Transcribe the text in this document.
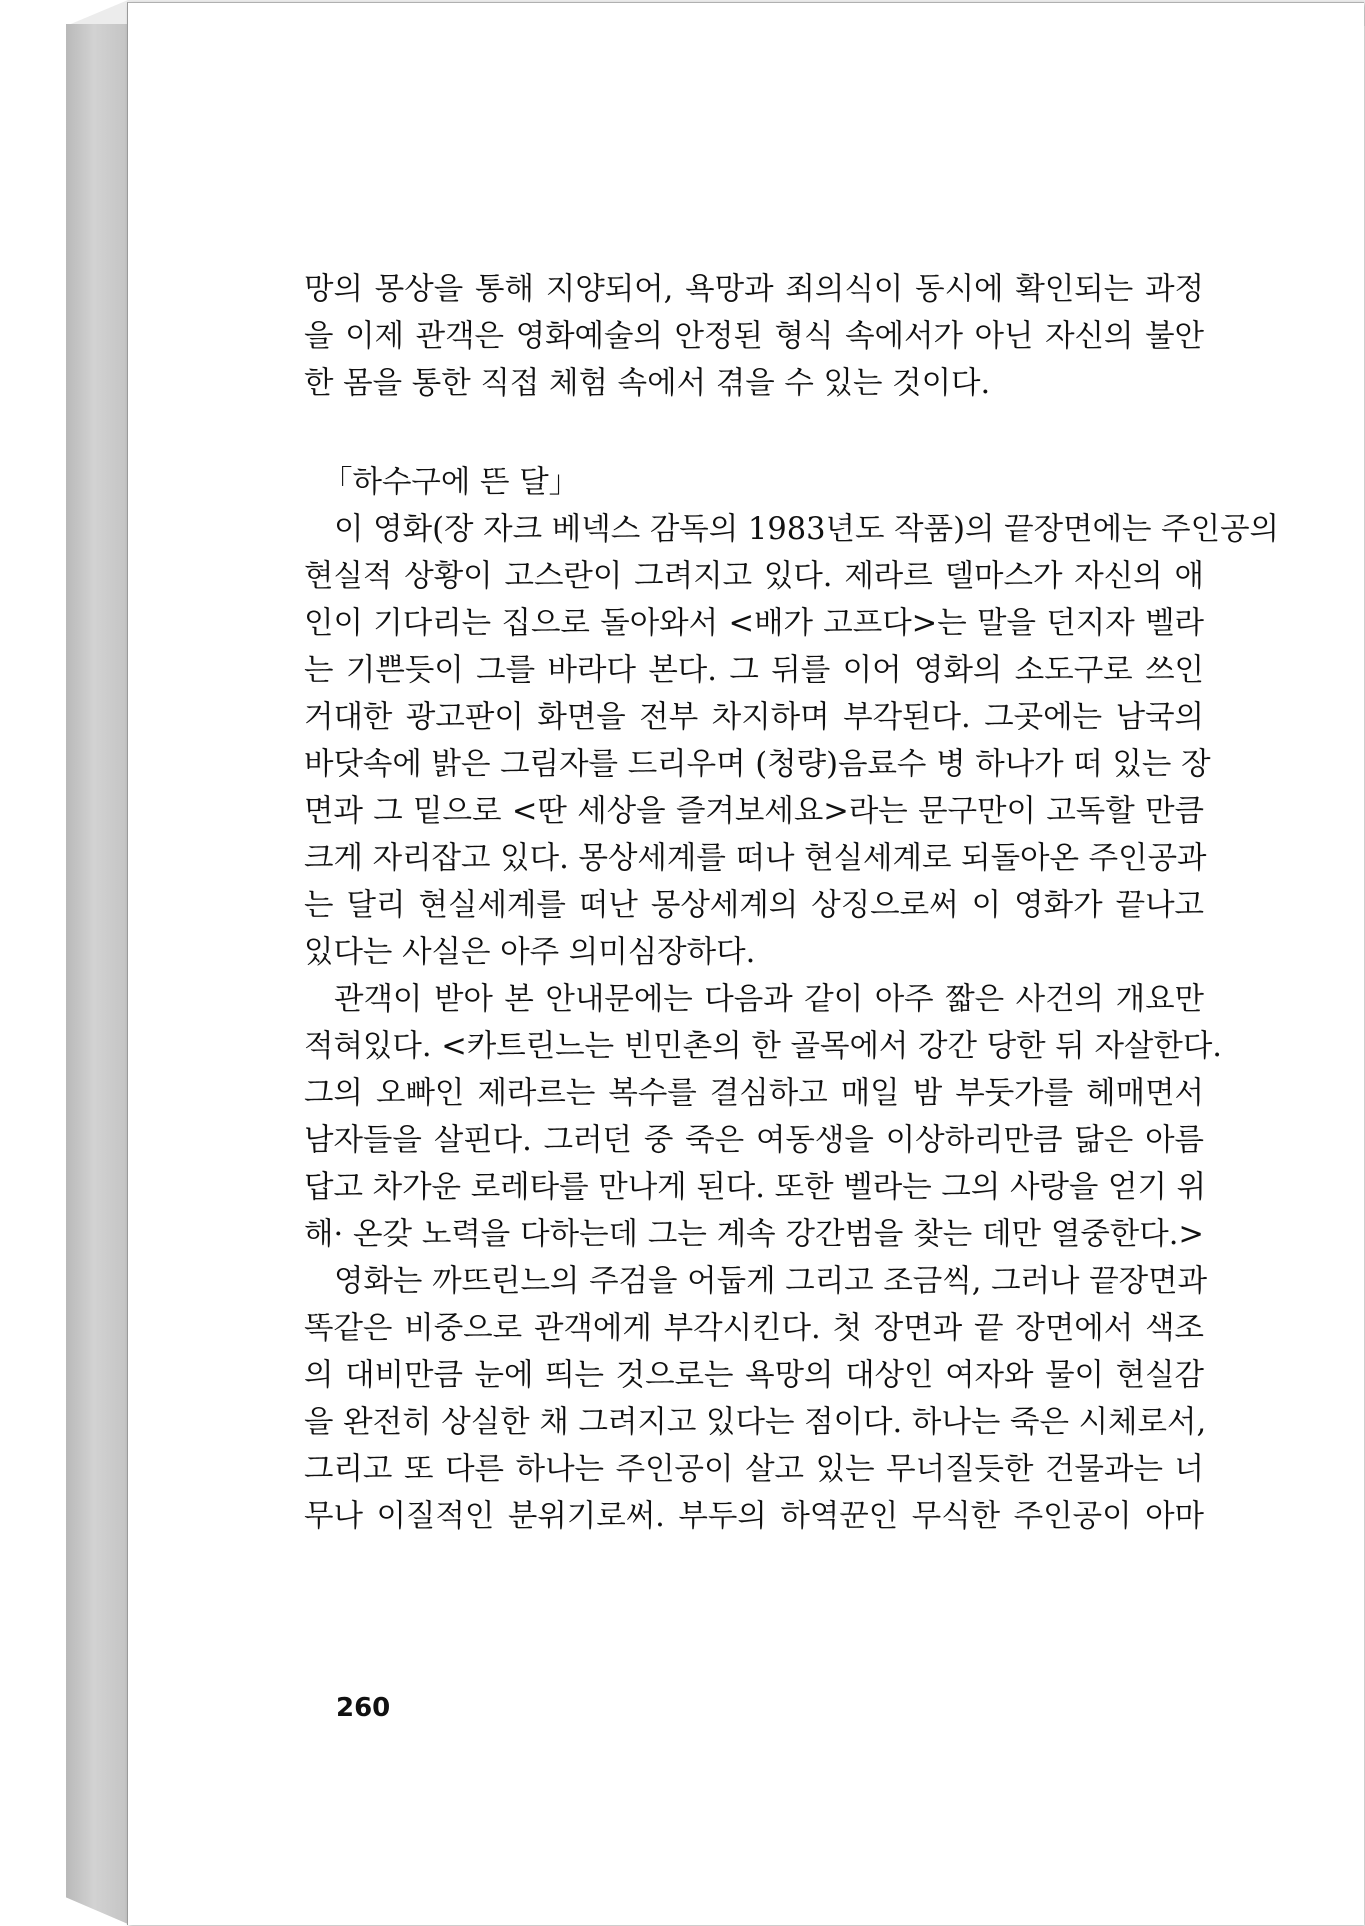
망의 몽상을 통해 지양되어, 욕망과 죄의식이 동시에 확인되는 과정
을 이제 관객은 영화예술의 안정된 형식 속에서가 아닌 자신의 불안
한 몸을 통한 직접 체험 속에서 겪을 수 있는 것이다.
「하수구에 뜬 달」
이 영화(장 자크 베넥스 감독의 1983년도 작품)의 끝장면에는 주인공의
현실적 상황이 고스란이 그려지고 있다. 제라르 델마스가 자신의 애
인이 기다리는 집으로 돌아와서 <배가 고프다>는 말을 던지자 벨라
는 기쁜듯이 그를 바라다 본다. 그 뒤를 이어 영화의 소도구로 쓰인
거대한 광고판이 화면을 전부 차지하며 부각된다. 그곳에는 남국의
바닷속에 밝은 그림자를 드리우며 (청량)음료수 병 하나가 떠 있는 장
면과 그 밑으로 <딴 세상을 즐겨보세요>라는 문구만이 고독할 만큼
크게 자리잡고 있다. 몽상세계를 떠나 현실세계로 되돌아온 주인공과
는 달리 현실세계를 떠난 몽상세계의 상징으로써 이 영화가 끝나고
있다는 사실은 아주 의미심장하다.
관객이 받아 본 안내문에는 다음과 같이 아주 짧은 사건의 개요만
적혀있다. <카트린느는 빈민촌의 한 골목에서 강간 당한 뒤 자살한다.
그의 오빠인 제라르는 복수를 결심하고 매일 밤 부둣가를 헤매면서
남자들을 살핀다. 그러던 중 죽은 여동생을 이상하리만큼 닮은 아름
답고 차가운 로레타를 만나게 된다. 또한 벨라는 그의 사랑을 얻기 위
해· 온갖 노력을 다하는데 그는 계속 강간범을 찾는 데만 열중한다.>
영화는 까뜨린느의 주검을 어둡게 그리고 조금씩, 그러나 끝장면과
똑같은 비중으로 관객에게 부각시킨다. 첫 장면과 끝 장면에서 색조
의 대비만큼 눈에 띄는 것으로는 욕망의 대상인 여자와 물이 현실감
을 완전히 상실한 채 그려지고 있다는 점이다. 하나는 죽은 시체로서,
그리고 또 다른 하나는 주인공이 살고 있는 무너질듯한 건물과는 너
무나 이질적인 분위기로써. 부두의 하역꾼인 무식한 주인공이 아마
260
